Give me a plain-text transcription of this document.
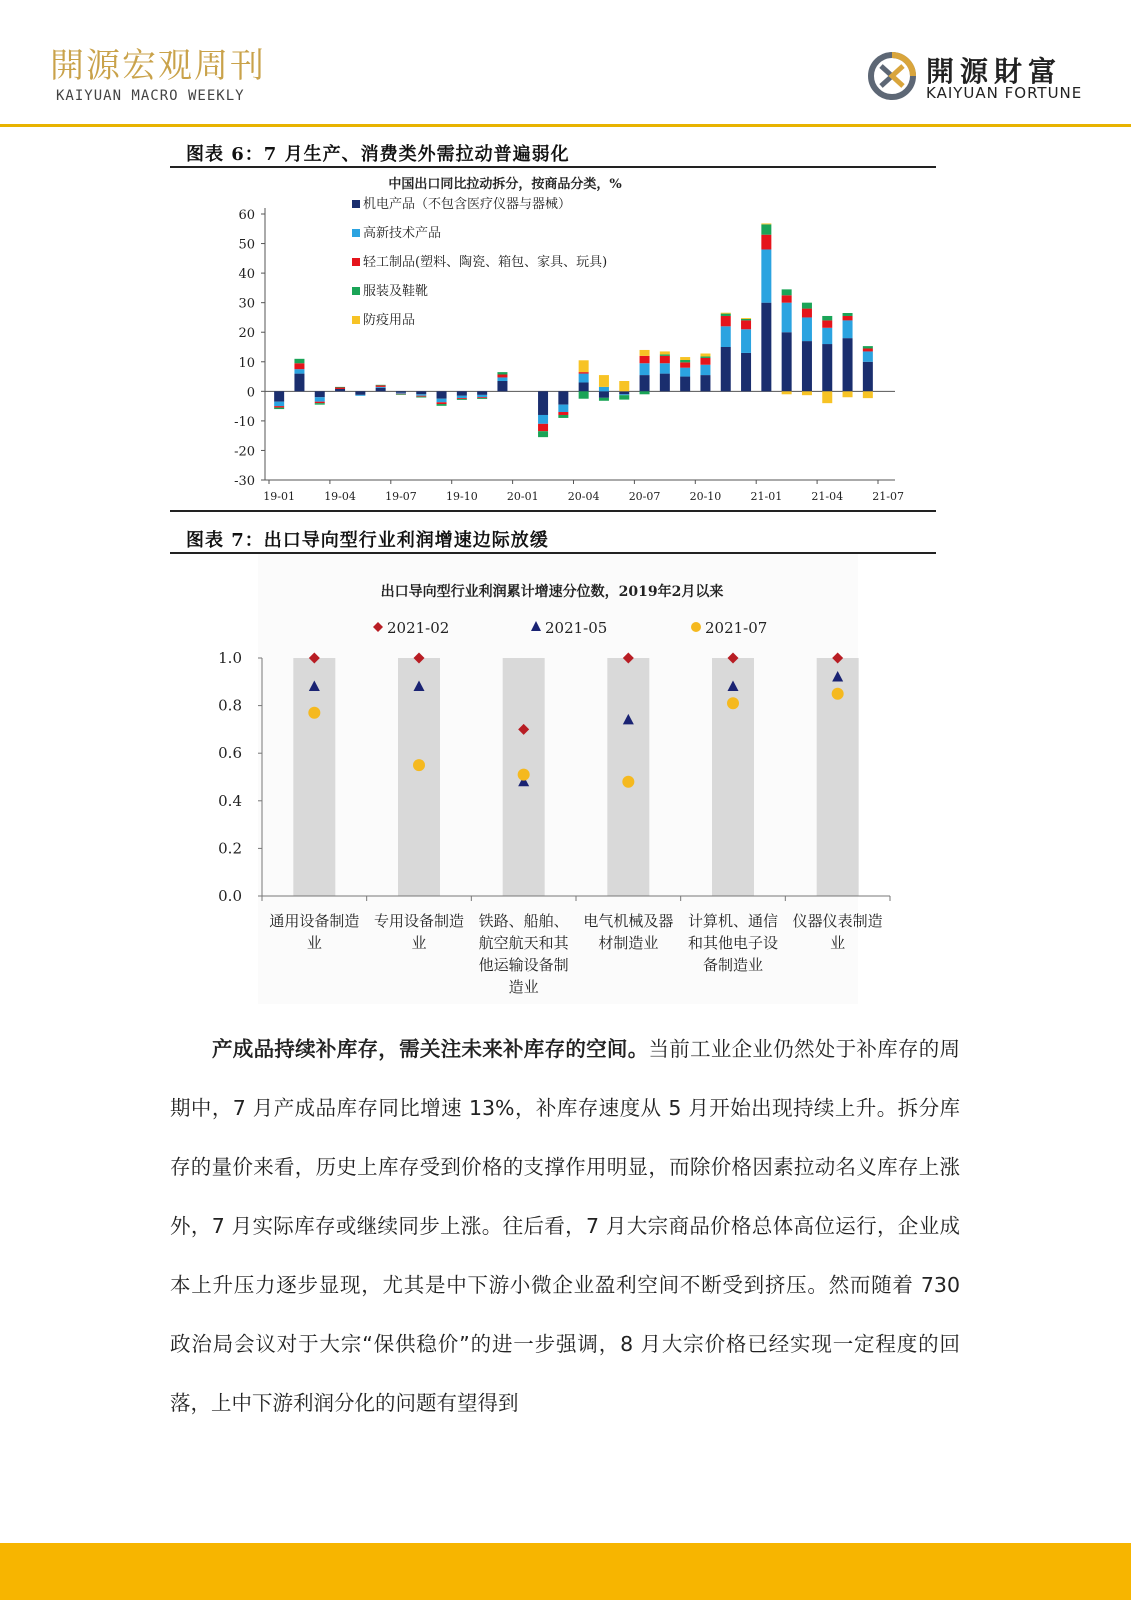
開源宏观周刊
KAIYUAN MACRO WEEKLY
開源財富
KAIYUAN FORTUNE
图表 6：7 月生产、消费类外需拉动普遍弱化
中国出口同比拉动拆分，按商品分类，%
60
50
40
30
20
10
0
-10
-20
-30
19-01	19-04	19-07	19-10	20-01	20-04	20-07	20-10	21-01	21-04	21-07
机电产品（不包含医疗仪器与器械）
高新技术产品
轻工制品(塑料、陶瓷、箱包、家具、玩具)
服装及鞋靴
防疫用品
图表 7：出口导向型行业利润增速边际放缓
出口导向型行业利润累计增速分位数，2019年2月以来
2021-02	2021-05	2021-07
1.0
0.8
0.6
0.4
0.2
0.0
通用设备制造
业
专用设备制造
业
铁路、船舶、
航空航天和其
他运输设备制
造业
电气机械及器
材制造业
计算机、通信
和其他电子设
备制造业
仪器仪表制造
业

产成品持续补库存，需关注未来补库存的空间。当前工业企业仍然处于补库存的周期中，7 月产成品库存同比增速 13%，补库存速度从 5 月开始出现持续上升。拆分库存的量价来看，历史上库存受到价格的支撑作用明显，而除价格因素拉动名义库存上涨外，7 月实际库存或继续同步上涨。往后看，7 月大宗商品价格总体高位运行，企业成本上升压力逐步显现，尤其是中下游小微企业盈利空间不断受到挤压。然而随着 730 政治局会议对于大宗“保供稳价”的进一步强调，8 月大宗价格已经实现一定程度的回落，上中下游利润分化的问题有望得到
